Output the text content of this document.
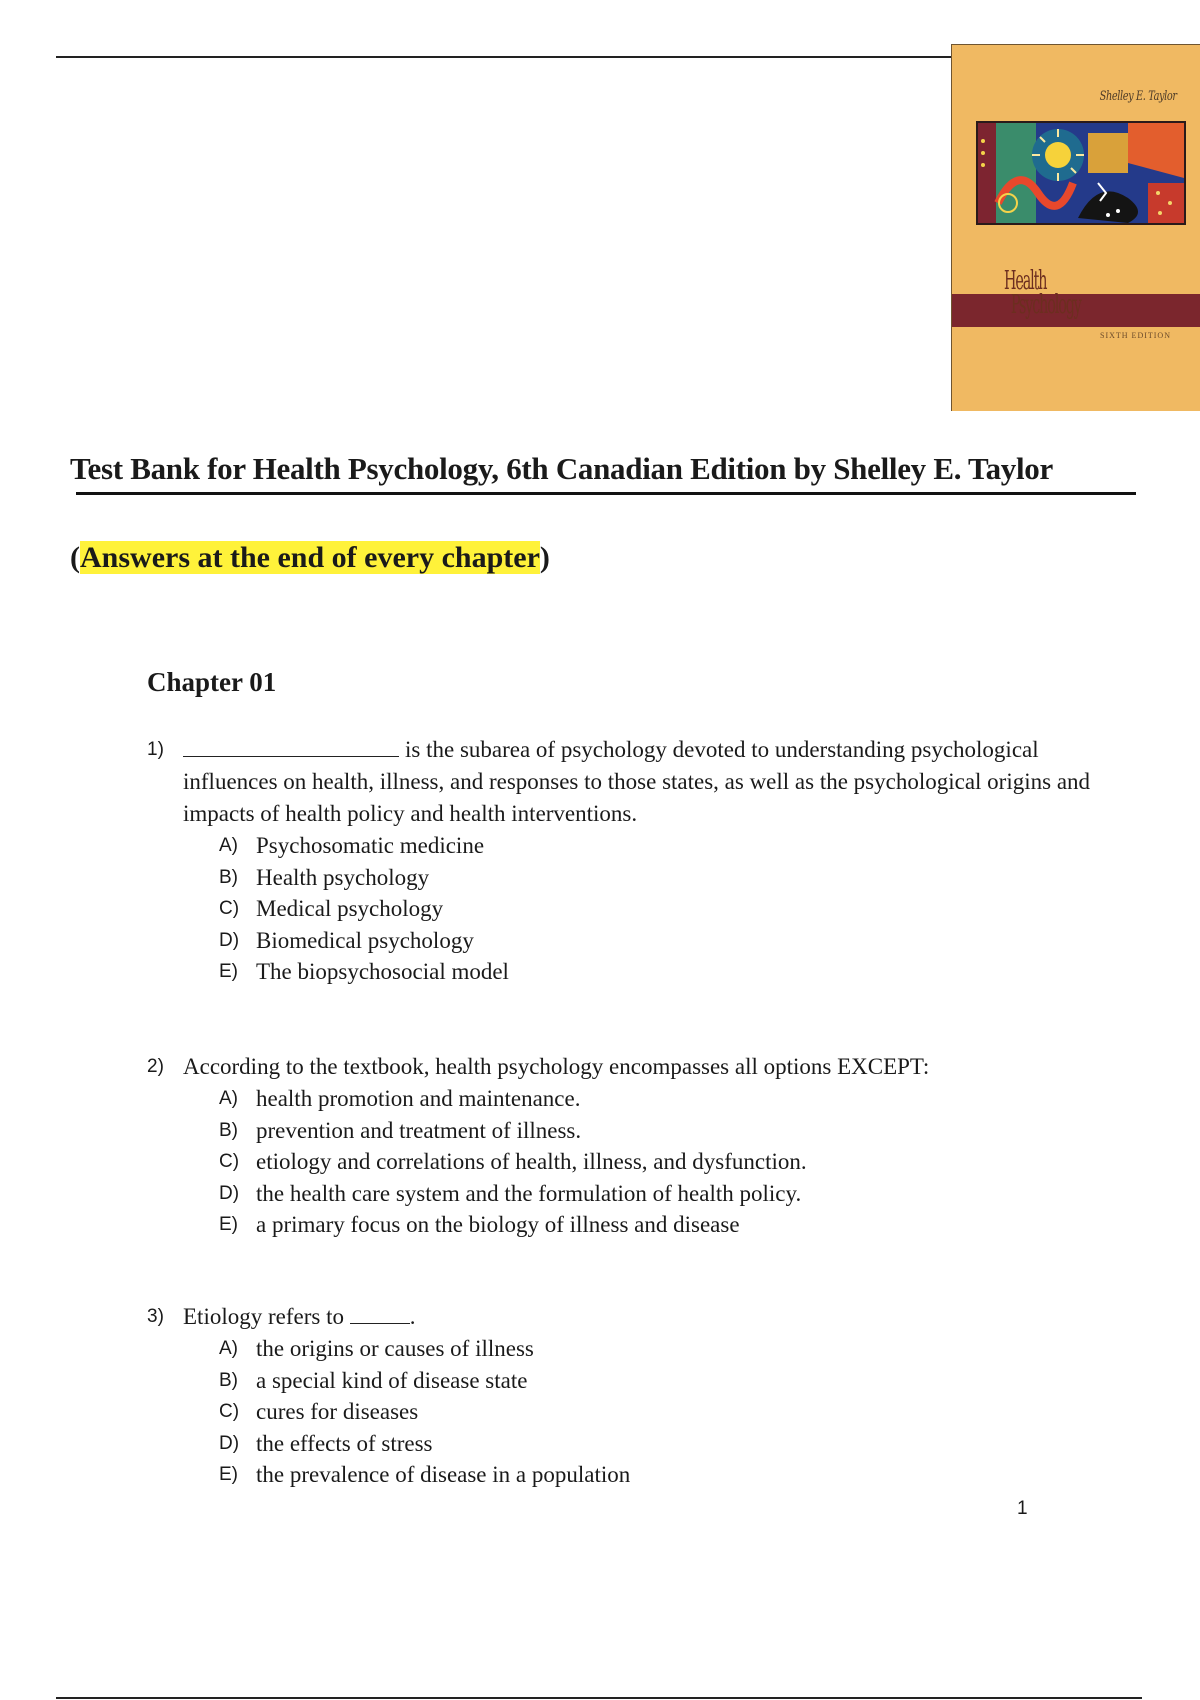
Shelley E. Taylor
Health
Psychology
SIXTH EDITION
Test Bank for Health Psychology, 6th Canadian Edition by Shelley E. Taylor

(Answers at the end of every chapter)

Chapter 01
1)	is the subarea of psychology devoted to understanding psychological influences on health, illness, and responses to those states, as well as the psychological origins and impacts of health policy and health interventions.
A) Psychosomatic medicine
B) Health psychology
C) Medical psychology
D) Biomedical psychology
E) The biopsychosocial model
2) According to the textbook, health psychology encompasses all options EXCEPT:
A) health promotion and maintenance.
B) prevention and treatment of illness.
C) etiology and correlations of health, illness, and dysfunction.
D) the health care system and the formulation of health policy.
E) a primary focus on the biology of illness and disease
3) Etiology refers to	.
A) the origins or causes of illness
B) a special kind of disease state
C) cures for diseases
D) the effects of stress
E) the prevalence of disease in a population
1
